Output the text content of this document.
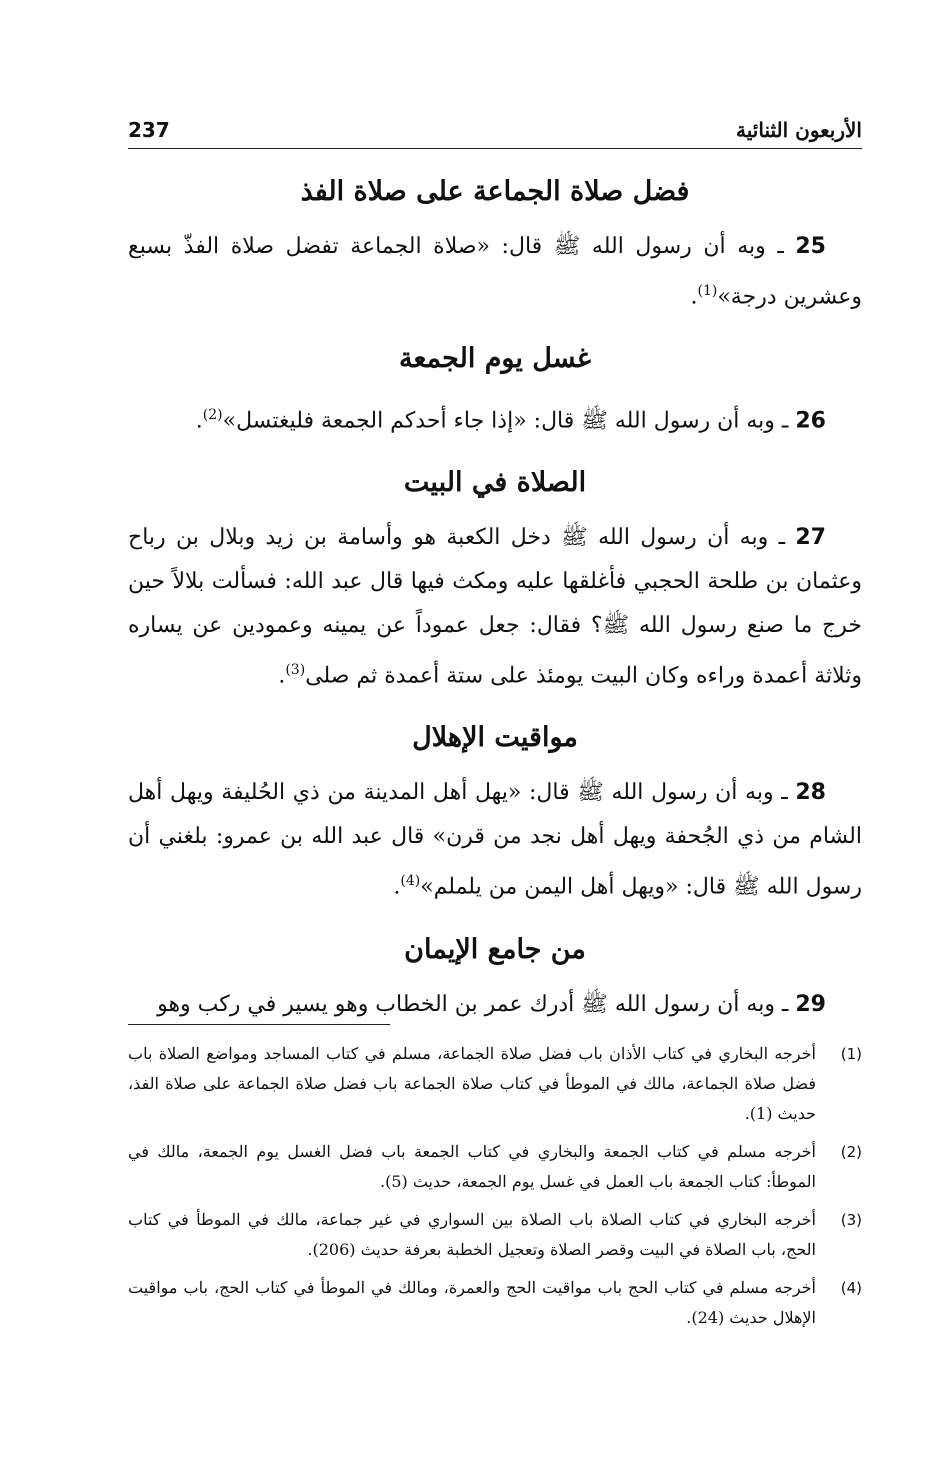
الأربعون الثنائية
237
فضل صلاة الجماعة على صلاة الفذ

25 ـ وبه أن رسول الله ﷺ قال: «صلاة الجماعة تفضل صلاة الفذّ بسبع وعشرين درجة»$^{(1)}$.

غسل يوم الجمعة

26 ـ وبه أن رسول الله ﷺ قال: «إذا جاء أحدكم الجمعة فليغتسل»$^{(2)}$.

الصلاة في البيت

27 ـ وبه أن رسول الله ﷺ دخل الكعبة هو وأسامة بن زيد وبلال بن رباح وعثمان بن طلحة الحجبي فأغلقها عليه ومكث فيها قال عبد الله: فسألت بلالاً حين خرج ما صنع رسول الله ﷺ؟ فقال: جعل عموداً عن يمينه وعمودين عن يساره وثلاثة أعمدة وراءه وكان البيت يومئذ على ستة أعمدة ثم صلى$^{(3)}$.

مواقيت الإهلال

28 ـ وبه أن رسول الله ﷺ قال: «يهل أهل المدينة من ذي الحُليفة ويهل أهل الشام من ذي الجُحفة ويهل أهل نجد من قرن» قال عبد الله بن عمرو: بلغني أن رسول الله ﷺ قال: «ويهل أهل اليمن من يلملم»$^{(4)}$.

من جامع الإيمان

29 ـ وبه أن رسول الله ﷺ أدرك عمر بن الخطاب وهو يسير في ركب وهو

(1)
أخرجه البخاري في كتاب الأذان باب فضل صلاة الجماعة، مسلم في كتاب المساجد ومواضع الصلاة باب فضل صلاة الجماعة، مالك في الموطأ في كتاب صلاة الجماعة باب فضل صلاة الجماعة على صلاة الفذ، حديث (1).
(2)
أخرجه مسلم في كتاب الجمعة والبخاري في كتاب الجمعة باب فضل الغسل يوم الجمعة، مالك في الموطأ: كتاب الجمعة باب العمل في غسل يوم الجمعة، حديث (5).
(3)
أخرجه البخاري في كتاب الصلاة باب الصلاة بين السواري في غير جماعة، مالك في الموطأ في كتاب الحج، باب الصلاة في البيت وقصر الصلاة وتعجيل الخطبة بعرفة حديث (206).
(4)
أخرجه مسلم في كتاب الحج باب مواقيت الحج والعمرة، ومالك في الموطأ في كتاب الحج، باب مواقيت الإهلال حديث (24).
